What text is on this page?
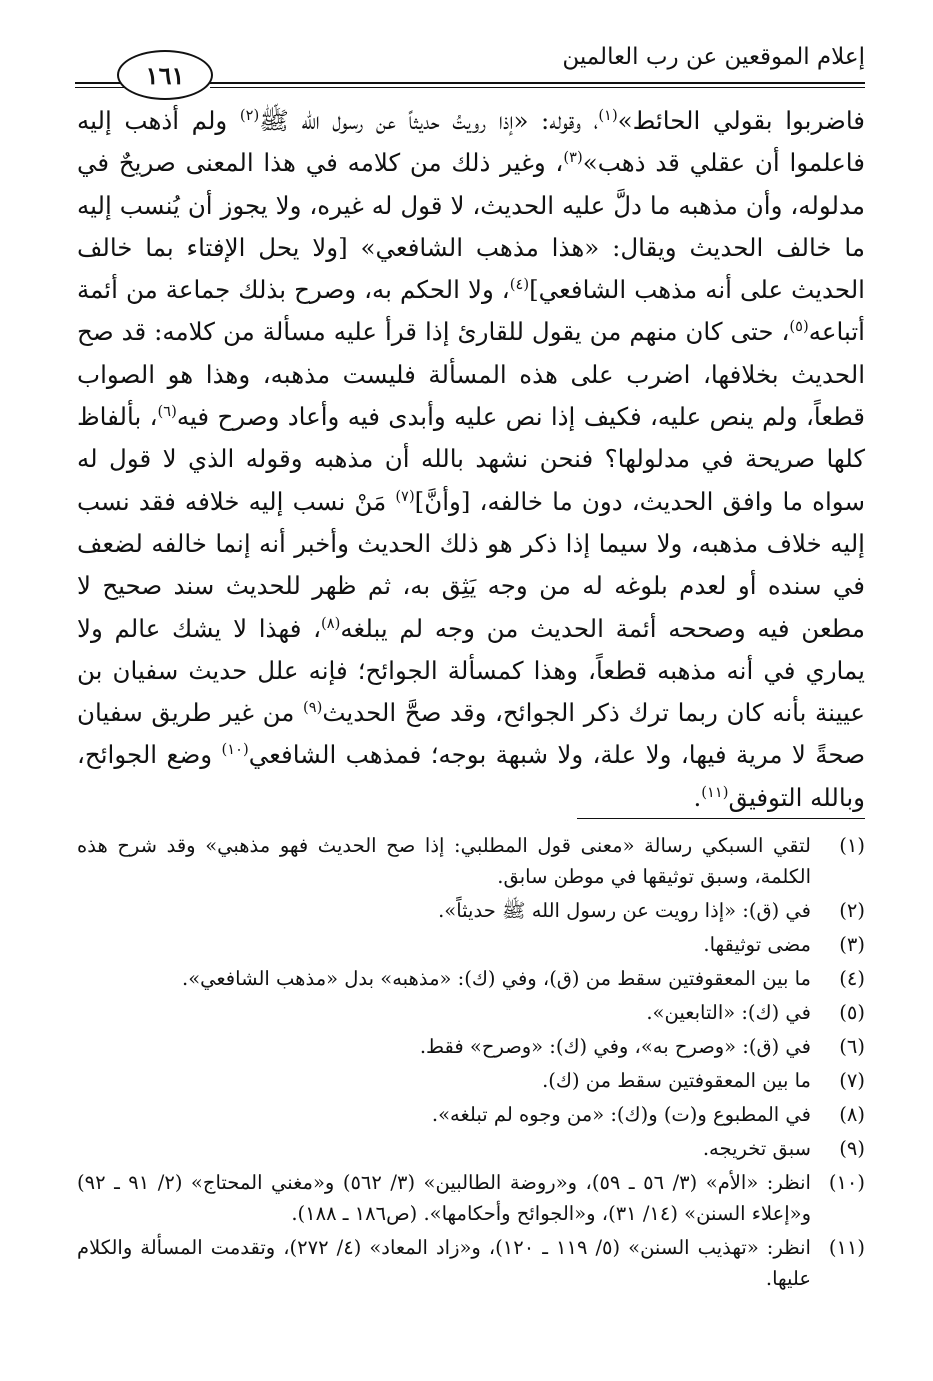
إعلام الموقعين عن رب العالمين
١٦١

فاضربوا بقولي الحائط»$^{(١)}$، وقوله: «إذا رويتُ حديثاً عن رسول الله ﷺ$^{(٢)}$ ولم أذهب إليه فاعلموا أن عقلي قد ذهب»$^{(٣)}$، وغير ذلك من كلامه في هذا المعنى صريحٌ في مدلوله، وأن مذهبه ما دلَّ عليه الحديث، لا قول له غيره، ولا يجوز أن يُنسب إليه ما خالف الحديث ويقال: «هذا مذهب الشافعي» [ولا يحل الإفتاء بما خالف الحديث على أنه مذهب الشافعي]$^{(٤)}$، ولا الحكم به، وصرح بذلك جماعة من أئمة أتباعه$^{(٥)}$، حتى كان منهم من يقول للقارئ إذا قرأ عليه مسألة من كلامه: قد صح الحديث بخلافها، اضرب على هذه المسألة فليست مذهبه، وهذا هو الصواب قطعاً، ولم ينص عليه، فكيف إذا نص عليه وأبدى فيه وأعاد وصرح فيه$^{(٦)}$، بألفاظ كلها صريحة في مدلولها؟ فنحن نشهد بالله أن مذهبه وقوله الذي لا قول له سواه ما وافق الحديث، دون ما خالفه، [وأنَّ]$^{(٧)}$ مَنْ نسب إليه خلافه فقد نسب إليه خلاف مذهبه، ولا سيما إذا ذكر هو ذلك الحديث وأخبر أنه إنما خالفه لضعف في سنده أو لعدم بلوغه له من وجه يَثِق به، ثم ظهر للحديث سند صحيح لا مطعن فيه وصححه أئمة الحديث من وجه لم يبلغه$^{(٨)}$، فهذا لا يشك عالم ولا يماري في أنه مذهبه قطعاً، وهذا كمسألة الجوائح؛ فإنه علل حديث سفيان بن عيينة بأنه كان ربما ترك ذكر الجوائح، وقد صحَّ الحديث$^{(٩)}$ من غير طريق سفيان صحةً لا مرية فيها، ولا علة، ولا شبهة بوجه؛ فمذهب الشافعي$^{(١٠)}$ وضع الجوائح، وبالله التوفيق$^{(١١)}$.

(١)
لتقي السبكي رسالة «معنى قول المطلبي: إذا صح الحديث فهو مذهبي» وقد شرح هذه الكلمة، وسبق توثيقها في موطن سابق.
(٢)
في (ق): «إذا رويت عن رسول الله ﷺ حديثاً».
(٣)
مضى توثيقها.
(٤)
ما بين المعقوفتين سقط من (ق)، وفي (ك): «مذهبه» بدل «مذهب الشافعي».
(٥)
في (ك): «التابعين».
(٦)
في (ق): «وصرح به»، وفي (ك): «وصرح» فقط.
(٧)
ما بين المعقوفتين سقط من (ك).
(٨)
في المطبوع و(ت) و(ك): «من وجوه لم تبلغه».
(٩)
سبق تخريجه.
(١٠)
انظر: «الأم» (٣/ ٥٦ ـ ٥٩)، و«روضة الطالبين» (٣/ ٥٦٢) و«مغني المحتاج» (٢/ ٩١ ـ ٩٢) و«إعلاء السنن» (١٤/ ٣١)، و«الجوائح وأحكامها». (ص١٨٦ ـ ١٨٨).
(١١)
انظر: «تهذيب السنن» (٥/ ١١٩ ـ ١٢٠)، و«زاد المعاد» (٤/ ٢٧٢)، وتقدمت المسألة والكلام عليها.
